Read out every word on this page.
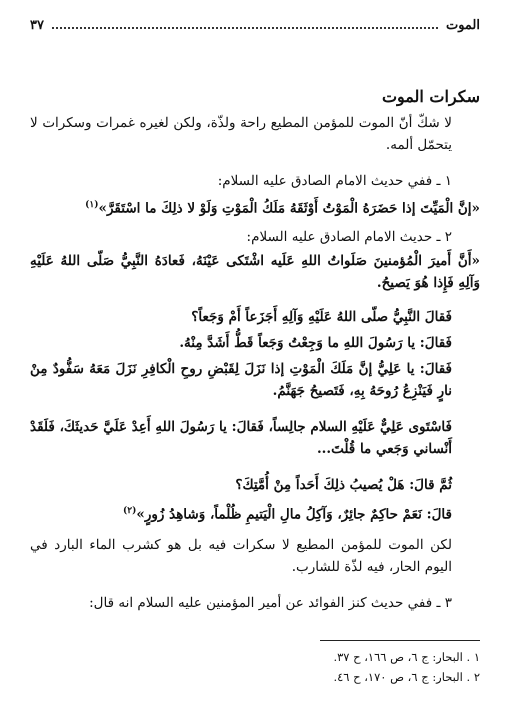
الموت
٣٧
سكرات الموت
لا شكّ أنّ الموت للمؤمن المطيع راحة ولذّة، ولكن لغيره غمرات وسكرات لا يتحمّل ألمه.
١ ـ ففي حديث الامام الصادق عليه السلام:
«إنَّ الْمَيِّتَ إذا حَضَرَهُ الْمَوْتُ أَوْثَقَهُ مَلَكُ الْمَوْتِ وَلَوْ لا ذلِكَ ما اسْتَقَرَّ»$^{(١)}$
٢ ـ حديث الامام الصادق عليه السلام:
«أَنَّ أَميرَ الْمُؤمنينَ صَلَواتُ اللهِ عَلَيه اشْتَكى عَيْنَهُ، فَعادَهُ النَّبِيُّ صَلّى اللهُ عَلَيْهِ وَآلِهِ فَإِذا هُوَ يَصيحُ.
فَقالَ النَّبِيُّ صلّى اللهُ عَلَيْهِ وَآلِهِ أَجَزَعاً أَمْ وَجَعاً؟
فَقالَ: يا رَسُولَ اللهِ ما وَجِعْتُ وَجَعاً قَطُّ أَشَدَّ مِنْهُ.
فَقالَ: يا عَلِيُّ إنَّ مَلَكَ الْمَوْتِ إذا نَزَلَ لِقَبْضِ روحِ الْكافِرِ نَزَلَ مَعَهُ سَفُّودٌ مِنْ نارٍ فَيَنْزِعُ رُوحَهُ بِهِ، فَتَصيحُ جَهَنَّمُ.
فَاسْتَوى عَلِيٌّ عَلَيْهِ السلام جالِساً، فَقالَ: يا رَسُولَ اللهِ أَعِدْ عَلَيَّ حَديثَكَ، فَلَقَدْ أَنْساني وَجَعي ما قُلْتَ...
ثُمَّ قالَ: هَلْ يُصيبُ ذلِكَ أَحَداً مِنْ أُمَّتِكَ؟
قالَ: نَعَمْ حاكِمٌ جائِرٌ، وَآكِلُ مالِ الْيَتيمِ ظُلْماً، وَشاهِدُ زُورٍ»$^{(٢)}$
لكن الموت للمؤمن المطيع لا سكرات فيه بل هو كشرب الماء البارد في اليوم الحار، فيه لذّة للشارب.
٣ ـ ففي حديث كنز الفوائد عن أمير المؤمنين عليه السلام انه قال:
١ . البحار: ج ٦، ص ١٦٦، ح ٣٧.
٢ . البحار: ج ٦، ص ١٧٠، ح ٤٦.
